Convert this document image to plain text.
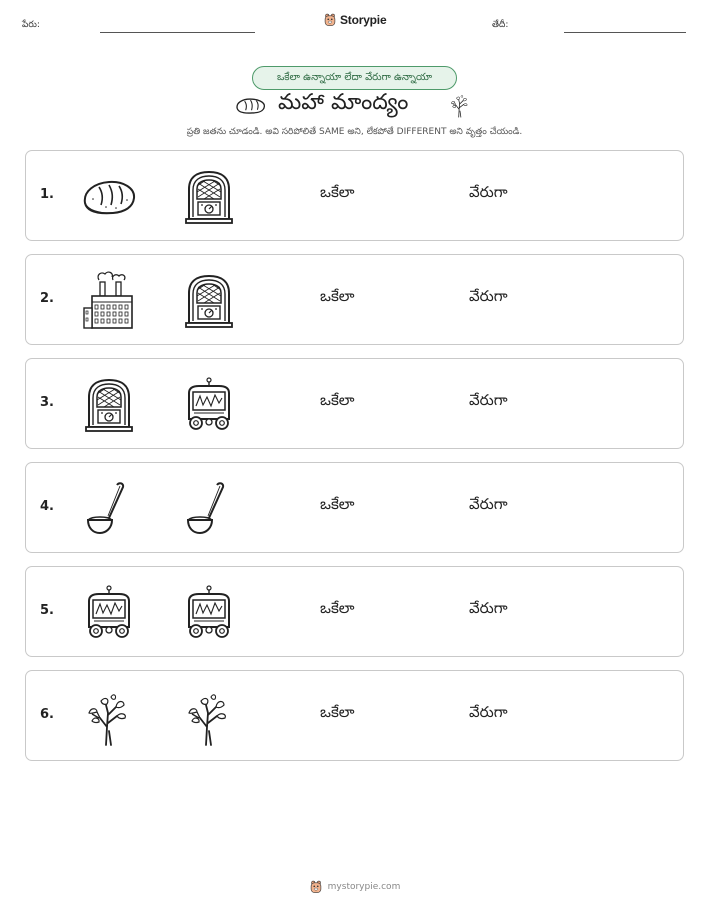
పేరు:	Storypie	తేదీ:
ఒకేలా ఉన్నాయా లేదా వేరుగా ఉన్నాయా
మహా మాంద్యం
ప్రతి జతను చూడండి. అవి సరిపోలితే SAME అని, లేకపోతే DIFFERENT అని వృత్తం చేయండి.
1.	ఒకేలా	వేరుగా
2.	ఒకేలా	వేరుగా
3.	ఒకేలా	వేరుగా
4.	ఒకేలా	వేరుగా
5.	ఒకేలా	వేరుగా
6.	ఒకేలా	వేరుగా
mystorypie.com
